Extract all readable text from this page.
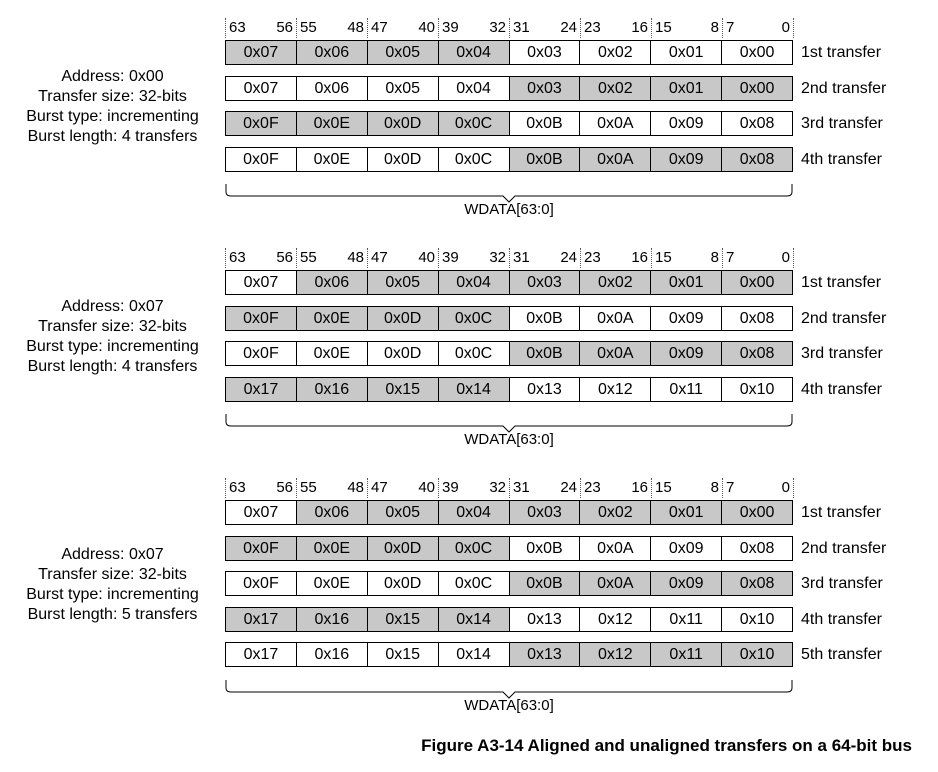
63 56 55 48 47 40 39 32 31 24 23 16 15	8 7	0
Address: 0x00
Transfer size: 32-bits
Burst type: incrementing
Burst length: 4 transfers
0x07	0x06	0x05	0x04	0x03	0x02	0x01	0x00	1st transfer
0x07	0x06	0x05	0x04	0x03	0x02	0x01	0x00	2nd transfer
0x0F	0x0E	0x0D	0x0C	0x0B	0x0A	0x09	0x08	3rd transfer
0x0F	0x0E	0x0D	0x0C	0x0B	0x0A	0x09	0x08	4th transfer
WDATA[63:0]
63 56 55 48 47 40 39 32 31 24 23 16 15	8 7	0
Address: 0x07
Transfer size: 32-bits
Burst type: incrementing
Burst length: 4 transfers
0x07	0x06	0x05	0x04	0x03	0x02	0x01	0x00	1st transfer
0x0F	0x0E	0x0D	0x0C	0x0B	0x0A	0x09	0x08	2nd transfer
0x0F	0x0E	0x0D	0x0C	0x0B	0x0A	0x09	0x08	3rd transfer
0x17	0x16	0x15	0x14	0x13	0x12	0x11	0x10	4th transfer
WDATA[63:0]
63 56 55 48 47 40 39 32 31 24 23 16 15	8 7	0
Address: 0x07
Transfer size: 32-bits
Burst type: incrementing
Burst length: 5 transfers
0x07	0x06	0x05	0x04	0x03	0x02	0x01	0x00	1st transfer
0x0F	0x0E	0x0D	0x0C	0x0B	0x0A	0x09	0x08	2nd transfer
0x0F	0x0E	0x0D	0x0C	0x0B	0x0A	0x09	0x08	3rd transfer
0x17	0x16	0x15	0x14	0x13	0x12	0x11	0x10	4th transfer
0x17	0x16	0x15	0x14	0x13	0x12	0x11	0x10	5th transfer
WDATA[63:0]
Figure A3-14 Aligned and unaligned transfers on a 64-bit bus
